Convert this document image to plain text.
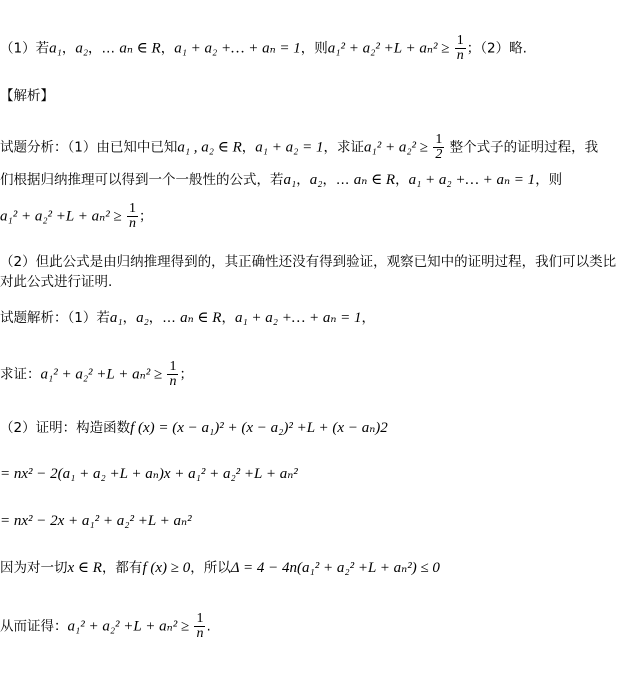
（1）若a₁，a₂，… aₙ ∈ R，a₁ + a₂ +… + aₙ = 1，则$a_1^2 + a_2^2 +L + a_n^2 \ge \frac{1}{n}$ ；（2）略.
【解析】
试题分析：（1）由已知中已知a₁ , a₂ ∈ R，a₁ + a₂ = 1，求证$a_1^2 + a_2^2 \ge \frac{1}{2}$ 整个式子的证明过程，我
们根据归纳推理可以得到一个一般性的公式，若a₁，a₂，… aₙ ∈ R，a₁ + a₂ +… + aₙ = 1，则
$a_1^2 + a_2^2 +L + a_n^2 \ge \frac{1}{n}$ ；
（2）但此公式是由归纳推理得到的，其正确性还没有得到验证，观察已知中的证明过程，我们可以类比对此公式进行证明.
试题解析：（1）若a₁，a₂，… aₙ ∈ R，a₁ + a₂ +… + aₙ = 1，
求证：$a_1^2 + a_2^2 +L + a_n^2 \ge \frac{1}{n}$ ；
（2）证明：构造函数f (x) = (x − a₁)² + (x − a₂)² +L + (x − aₙ)2
= nx² − 2(a₁ + a₂ +L + aₙ)x + a₁² + a₂² +L + aₙ²
= nx² − 2x + a₁² + a₂² +L + aₙ²
因为对一切x ∈ R，都有f (x) ≥ 0，所以Δ = 4 − 4n(a₁² + a₂² +L + aₙ²) ≤ 0
从而证得：$a_1^2 + a_2^2 +L + a_n^2 \ge \frac{1}{n}$ .
